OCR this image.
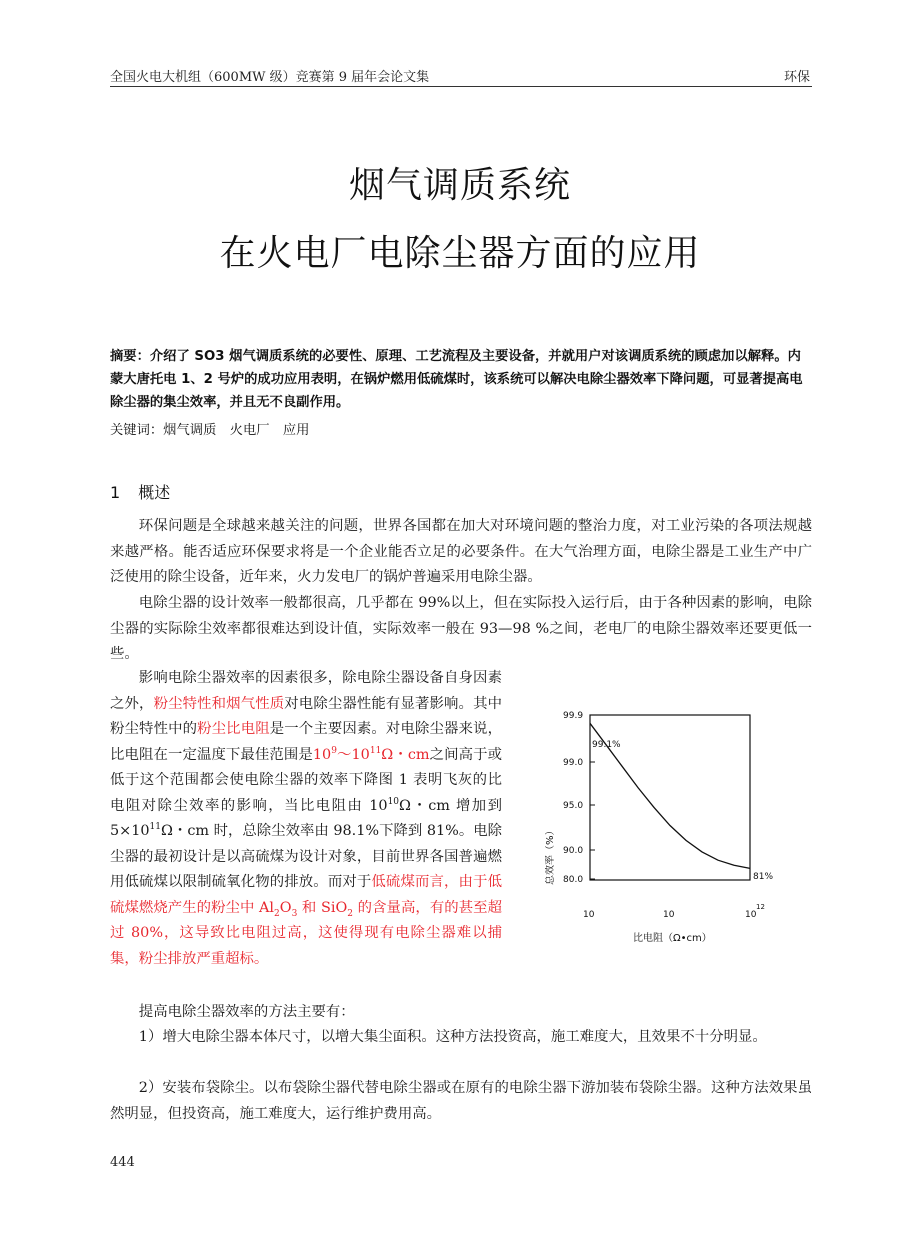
全国火电大机组（600MW 级）竞赛第 9 届年会论文集	环保
烟气调质系统
在火电厂电除尘器方面的应用
摘要：介绍了 SO3 烟气调质系统的必要性、原理、工艺流程及主要设备，并就用户对该调质系统的顾虑加以解释。内蒙大唐托电 1、2 号炉的成功应用表明，在锅炉燃用低硫煤时，该系统可以解决电除尘器效率下降问题，可显著提高电除尘器的集尘效率，并且无不良副作用。
关键词：烟气调质　火电厂　应用
1 概述
环保问题是全球越来越关注的问题，世界各国都在加大对环境问题的整治力度，对工业污染的各项法规越来越严格。能否适应环保要求将是一个企业能否立足的必要条件。在大气治理方面，电除尘器是工业生产中广泛使用的除尘设备，近年来，火力发电厂的锅炉普遍采用电除尘器。
电除尘器的设计效率一般都很高，几乎都在 99%以上，但在实际投入运行后，由于各种因素的影响，电除尘器的实际除尘效率都很难达到设计值，实际效率一般在 93—98 %之间，老电厂的电除尘器效率还要更低一些。
影响电除尘器效率的因素很多，除电除尘器设备自身因素之外，粉尘特性和烟气性质对电除尘器性能有显著影响。其中粉尘特性中的粉尘比电阻是一个主要因素。对电除尘器来说，比电阻在一定温度下最佳范围是$10^9\sim 10^{11}\Omega$・cm之间高于或低于这个范围都会使电除尘器的效率下降图 1 表明飞灰的比电阻对除尘效率的影响，当比电阻由 $10^{10}\Omega$・cm 增加到 $5\times 10^{11}\Omega$・cm 时，总除尘效率由 98.1%下降到 81%。电除尘器的最初设计是以高硫煤为设计对象，目前世界各国普遍燃用低硫煤以限制硫氧化物的排放。而对于低硫煤而言，由于低硫煤燃烧产生的粉尘中 $Al_2O_3$ 和 SiO$_2$ 的含量高，有的甚至超过 80%，这导致比电阻过高，这使得现有电除尘器难以捕集，粉尘排放严重超标。
99.9
99.0
95.0
90.0
80.0
10	10	10
12
比电阻（Ω•cm）
总效率（%）
99.1%
81%
提高电除尘器效率的方法主要有：
1）增大电除尘器本体尺寸，以增大集尘面积。这种方法投资高，施工难度大，且效果不十分明显。
2）安装布袋除尘。以布袋除尘器代替电除尘器或在原有的电除尘器下游加装布袋除尘器。这种方法效果虽然明显，但投资高，施工难度大，运行维护费用高。
444
